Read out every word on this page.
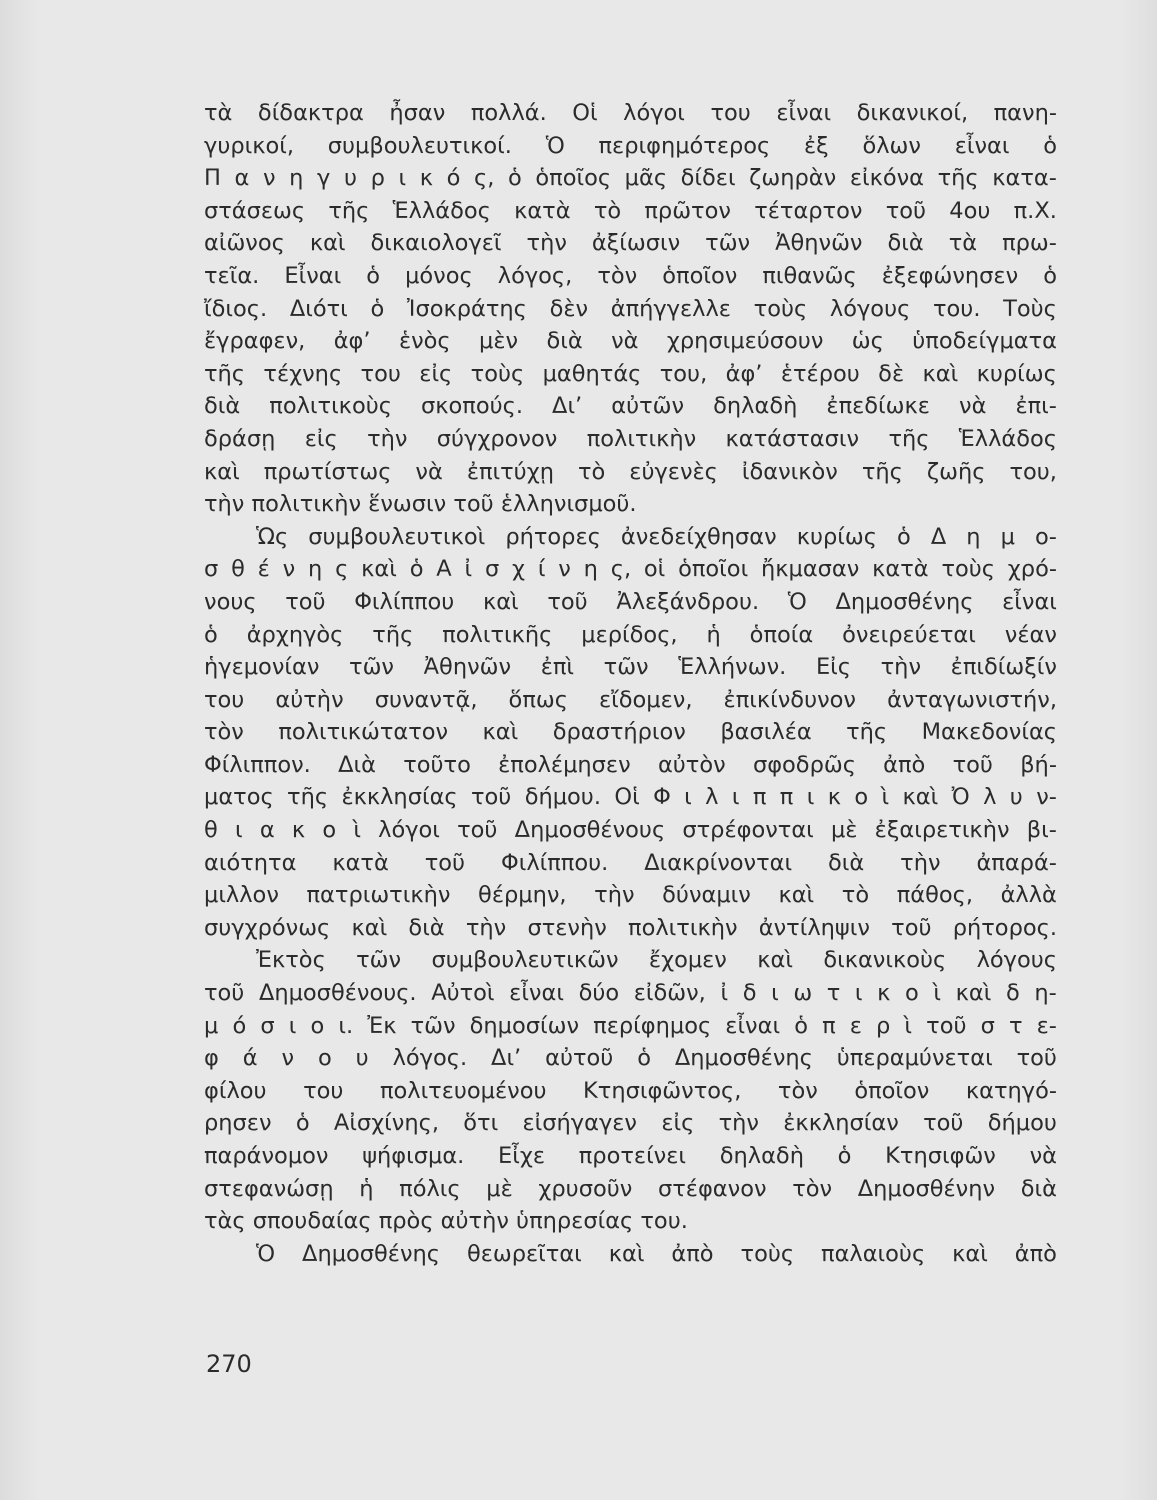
τὰ δίδακτρα ἦσαν πολλά. Οἱ λόγοι του εἶναι δικανικοί, πανη-
γυρικοί, συμβουλευτικοί. Ὁ περιφημότερος ἐξ ὅλων εἶναι ὁ
Π α ν η γ υ ρ ι κ ό ς, ὁ ὁποῖος μᾶς δίδει ζωηρὰν εἰκόνα τῆς κατα-
στάσεως τῆς Ἑλλάδος κατὰ τὸ πρῶτον τέταρτον τοῦ 4ου π.Χ.
αἰῶνος καὶ δικαιολογεῖ τὴν ἀξίωσιν τῶν Ἀθηνῶν διὰ τὰ πρω-
τεῖα. Εἶναι ὁ μόνος λόγος, τὸν ὁποῖον πιθανῶς ἐξεφώνησεν ὁ
ἴδιος. Διότι ὁ Ἰσοκράτης δὲν ἀπήγγελλε τοὺς λόγους του. Τοὺς
ἔγραφεν, ἀφ’ ἑνὸς μὲν διὰ νὰ χρησιμεύσουν ὡς ὑποδείγματα
τῆς τέχνης του εἰς τοὺς μαθητάς του, ἀφ’ ἑτέρου δὲ καὶ κυρίως
διὰ πολιτικοὺς σκοπούς. Δι’ αὐτῶν δηλαδὴ ἐπεδίωκε νὰ ἐπι-
δράσῃ εἰς τὴν σύγχρονον πολιτικὴν κατάστασιν τῆς Ἑλλάδος
καὶ πρωτίστως νὰ ἐπιτύχῃ τὸ εὐγενὲς ἰδανικὸν τῆς ζωῆς του,
τὴν πολιτικὴν ἕνωσιν τοῦ ἑλληνισμοῦ.
Ὡς συμβουλευτικοὶ ρήτορες ἀνεδείχθησαν κυρίως ὁ Δ η μ ο-
σ θ έ ν η ς καὶ ὁ Α ἰ σ χ ί ν η ς, οἱ ὁποῖοι ἤκμασαν κατὰ τοὺς χρό-
νους τοῦ Φιλίππου καὶ τοῦ Ἀλεξάνδρου. Ὁ Δημοσθένης εἶναι
ὁ ἀρχηγὸς τῆς πολιτικῆς μερίδος, ἡ ὁποία ὀνειρεύεται νέαν
ἡγεμονίαν τῶν Ἀθηνῶν ἐπὶ τῶν Ἑλλήνων. Εἰς τὴν ἐπιδίωξίν
του αὐτὴν συναντᾷ, ὅπως εἴδομεν, ἐπικίνδυνον ἀνταγωνιστήν,
τὸν πολιτικώτατον καὶ δραστήριον βασιλέα τῆς Μακεδονίας
Φίλιππον. Διὰ τοῦτο ἐπολέμησεν αὐτὸν σφοδρῶς ἀπὸ τοῦ βή-
ματος τῆς ἐκκλησίας τοῦ δήμου. Οἱ Φ ι λ ι π π ι κ ο ὶ καὶ Ὀ λ υ ν-
θ ι α κ ο ὶ λόγοι τοῦ Δημοσθένους στρέφονται μὲ ἐξαιρετικὴν βι-
αιότητα κατὰ τοῦ Φιλίππου. Διακρίνονται διὰ τὴν ἀπαρά-
μιλλον πατριωτικὴν θέρμην, τὴν δύναμιν καὶ τὸ πάθος, ἀλλὰ
συγχρόνως καὶ διὰ τὴν στενὴν πολιτικὴν ἀντίληψιν τοῦ ρήτορος.
Ἐκτὸς τῶν συμβουλευτικῶν ἔχομεν καὶ δικανικοὺς λόγους
τοῦ Δημοσθένους. Αὐτοὶ εἶναι δύο εἰδῶν, ἰ δ ι ω τ ι κ ο ὶ καὶ δ η-
μ ό σ ι ο ι. Ἐκ τῶν δημοσίων περίφημος εἶναι ὁ π ε ρ ὶ τοῦ σ τ ε-
φ ά ν ο υ λόγος. Δι’ αὐτοῦ ὁ Δημοσθένης ὑπεραμύνεται τοῦ
φίλου του πολιτευομένου Κτησιφῶντος, τὸν ὁποῖον κατηγό-
ρησεν ὁ Αἰσχίνης, ὅτι εἰσήγαγεν εἰς τὴν ἐκκλησίαν τοῦ δήμου
παράνομον ψήφισμα. Εἶχε προτείνει δηλαδὴ ὁ Κτησιφῶν νὰ
στεφανώσῃ ἡ πόλις μὲ χρυσοῦν στέφανον τὸν Δημοσθένην διὰ
τὰς σπουδαίας πρὸς αὐτὴν ὑπηρεσίας του.
Ὁ Δημοσθένης θεωρεῖται καὶ ἀπὸ τοὺς παλαιοὺς καὶ ἀπὸ
270
